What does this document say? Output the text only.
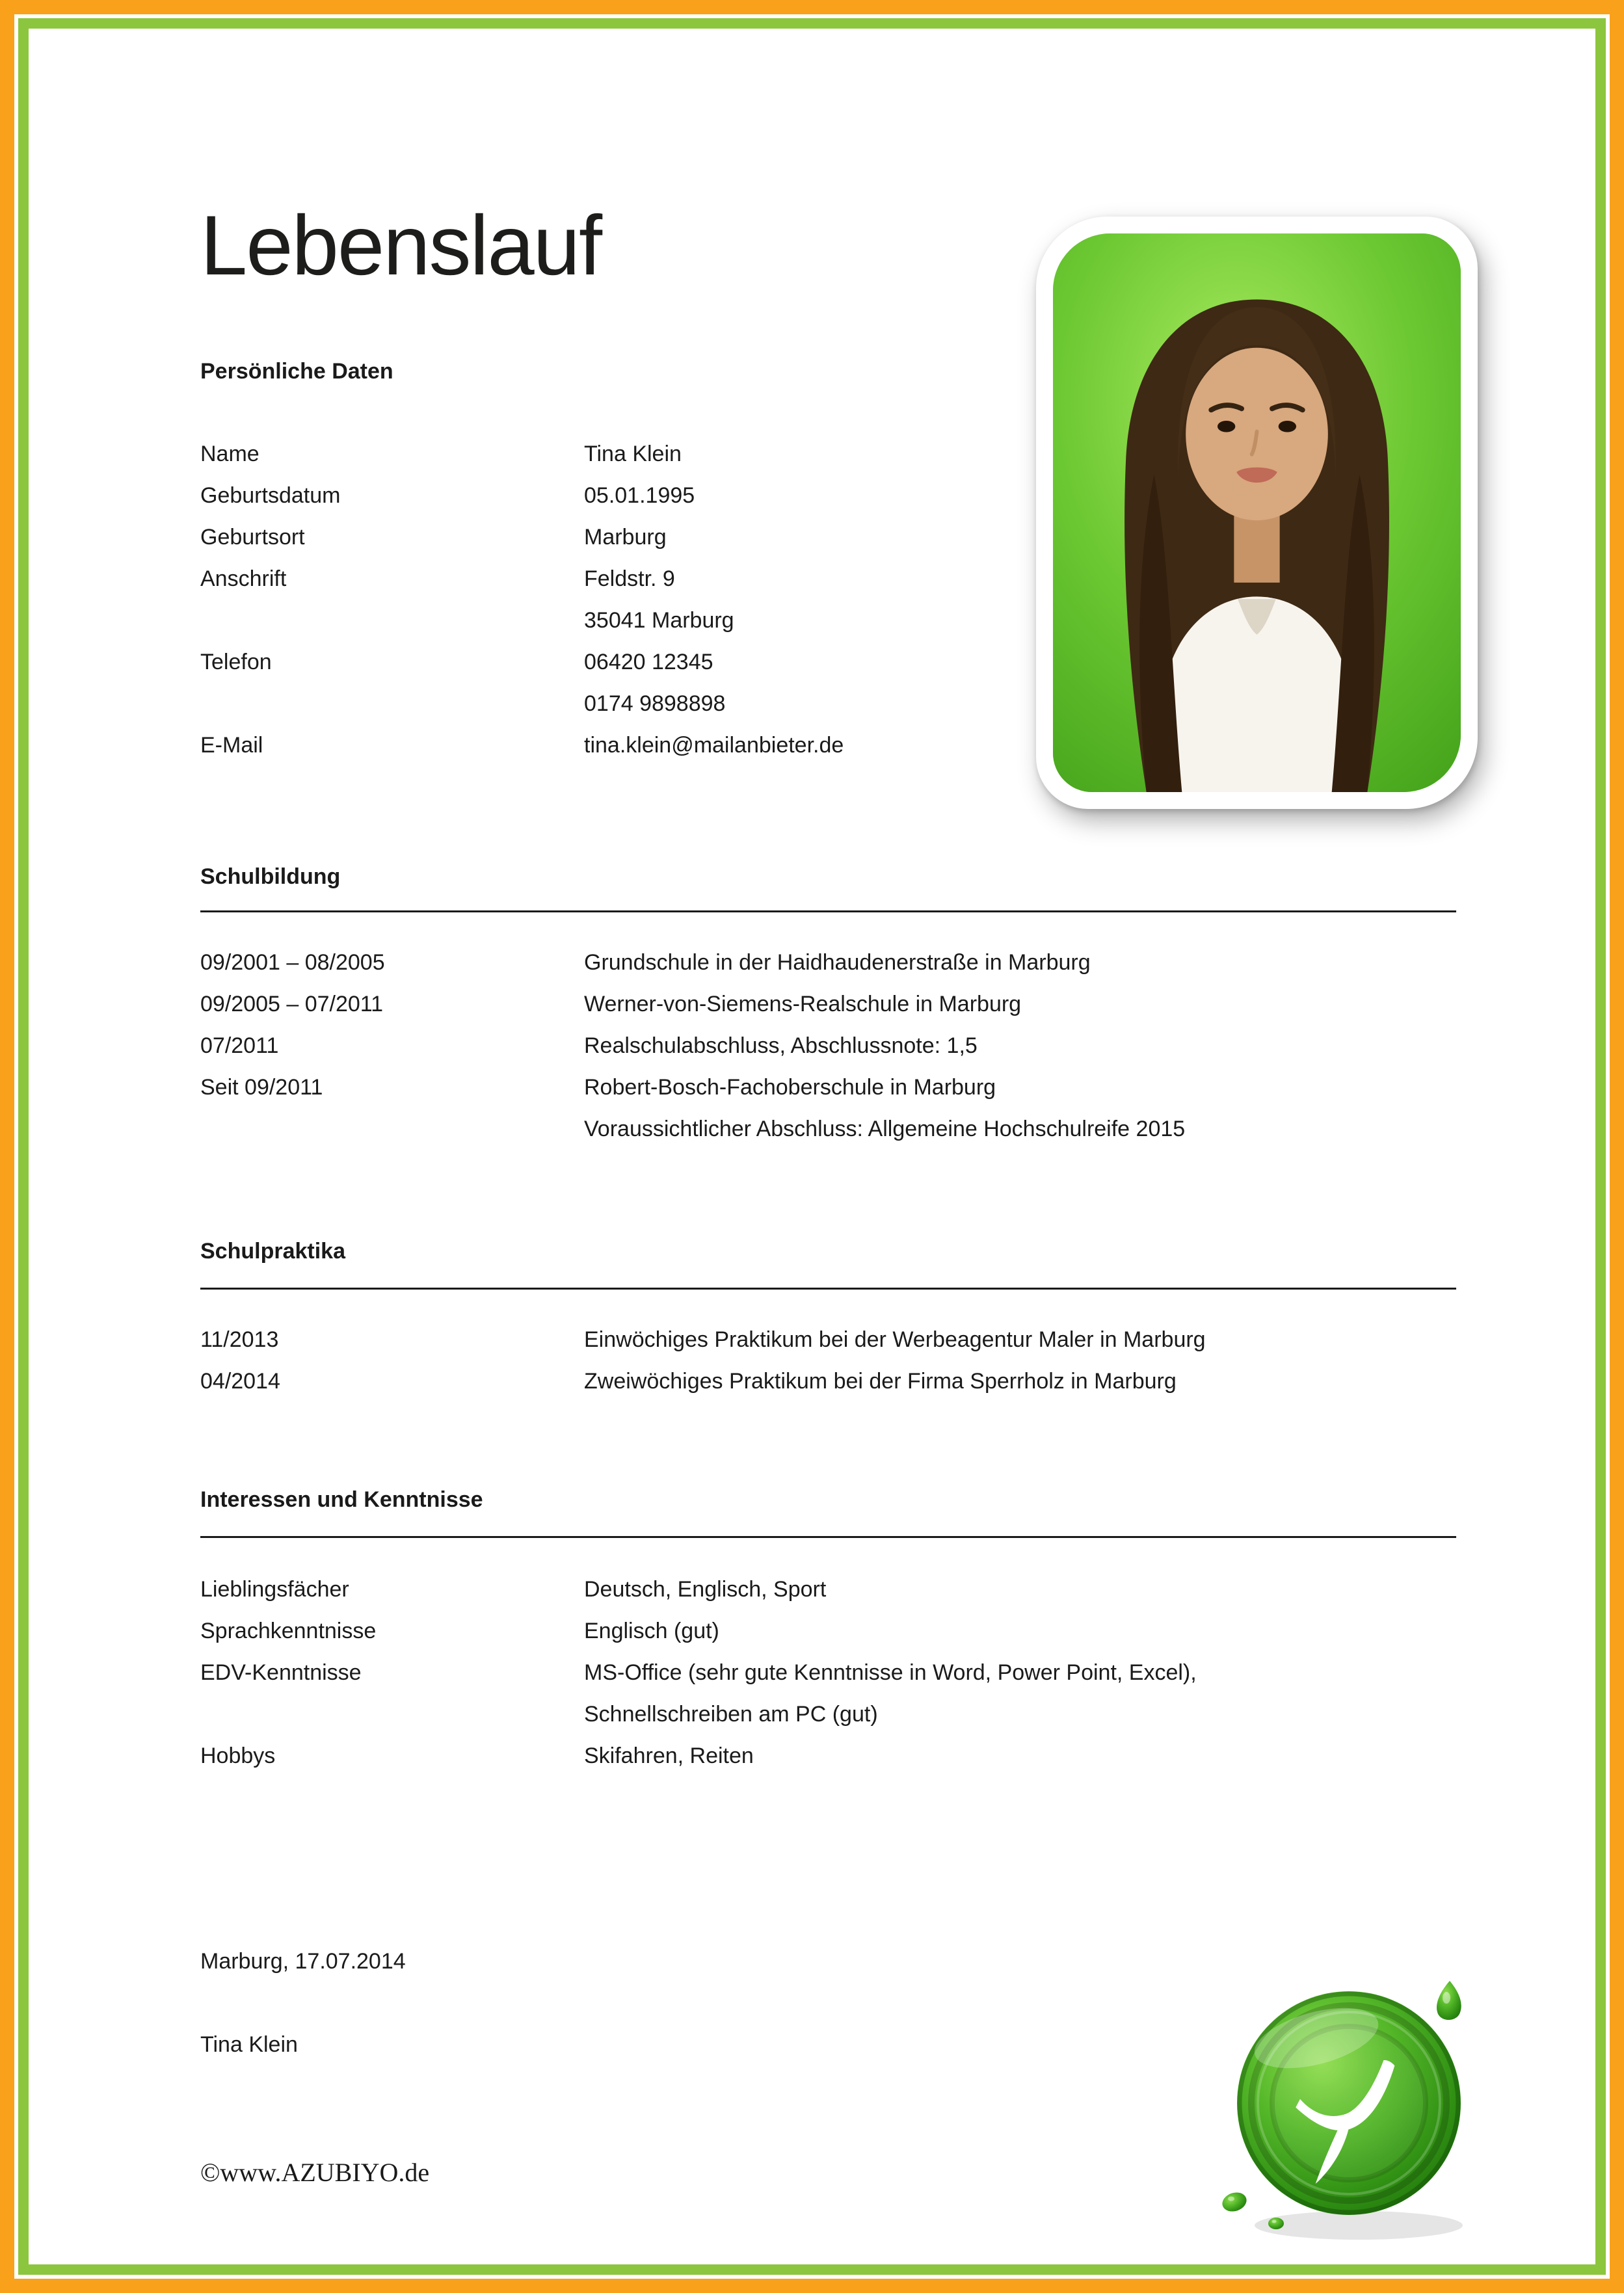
Lebenslauf
Persönliche Daten
Name	Tina Klein
Geburtsdatum	05.01.1995
Geburtsort	Marburg
Anschrift	Feldstr. 9
35041 Marburg
Telefon	06420 12345
0174 9898898
E-Mail	tina.klein@mailanbieter.de
Schulbildung
09/2001 – 08/2005	Grundschule in der Haidhaudenerstraße in Marburg
09/2005 – 07/2011	Werner-von-Siemens-Realschule in Marburg
07/2011	Realschulabschluss, Abschlussnote: 1,5
Seit 09/2011	Robert-Bosch-Fachoberschule in Marburg
Voraussichtlicher Abschluss: Allgemeine Hochschulreife 2015
Schulpraktika
11/2013	Einwöchiges Praktikum bei der Werbeagentur Maler in Marburg
04/2014	Zweiwöchiges Praktikum bei der Firma Sperrholz in Marburg
Interessen und Kenntnisse
Lieblingsfächer	Deutsch, Englisch, Sport
Sprachkenntnisse	Englisch (gut)
EDV-Kenntnisse	MS-Office (sehr gute Kenntnisse in Word, Power Point, Excel),
Schnellschreiben am PC (gut)
Hobbys	Skifahren, Reiten
Marburg, 17.07.2014
Tina Klein
©www.AZUBIYO.de
